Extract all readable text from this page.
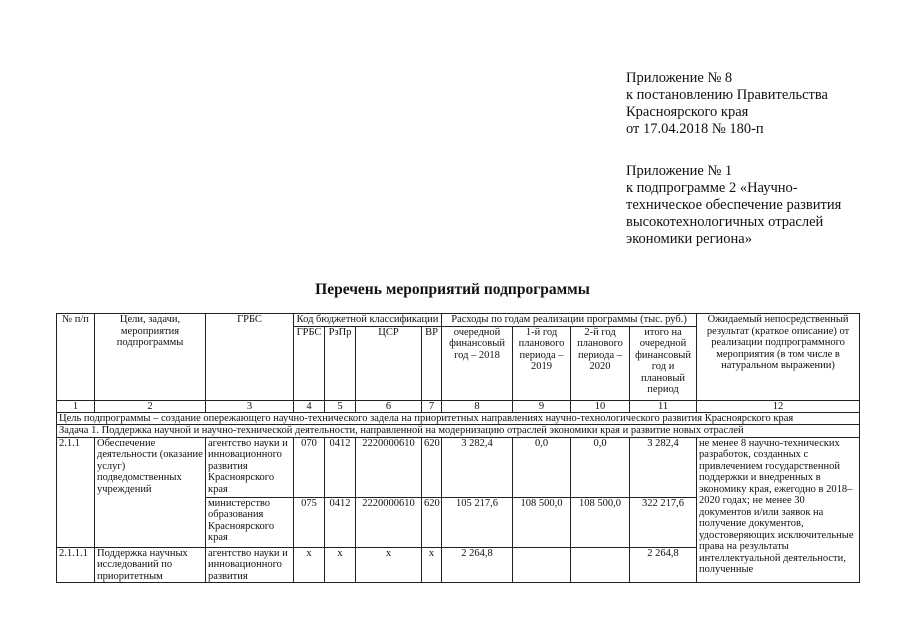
Приложение № 8
к постановлению Правительства
Красноярского края
от 17.04.2018 № 180-п
Приложение № 1
к подпрограмме 2 «Научно-
техническое обеспечение развития
высокотехнологичных отраслей
экономики региона»
Перечень мероприятий подпрограммы
№ п/п	Цели, задачи, мероприятия подпрограммы	ГРБС	Код бюджетной классификации				Расходы по годам реализации программы (тыс. руб.)				Ожидаемый непосредственный результат (краткое описание) от реализации подпрограммного мероприятия (в том числе в натуральном выражении)
			ГРБС	РзПр	ЦСР	ВР	очередной финансовый год – 2018	1-й год планового периода – 2019	2-й год планового периода – 2020	итого на очередной финансовый год и плановый период	
1	2	3	4	5	6	7	8	9	10	11	12
Цель подпрограммы – создание опережающего научно-технического задела на приоритетных направлениях научно-технологического развития Красноярского края											
Задача 1. Поддержка научной и научно-технической деятельности, направленной на модернизацию отраслей экономики края и развитие новых отраслей											
2.1.1	Обеспечение деятельности (оказание услуг) подведомственных учреждений	агентство науки и инновационного развития Красноярского края	070	0412	2220000610	620	3 282,4	0,0	0,0	3 282,4	не менее 8 научно-технических разработок, созданных с привлечением государственной поддержки и внедренных в экономику края, ежегодно в 2018–2020 годах; не менее 30 документов и/или заявок на получение документов, удостоверяющих исключительные права на результаты интеллектуальной деятельности, полученные
		министерство образования Красноярского края	075	0412	2220000610	620	105 217,6	108 500,0	108 500,0	322 217,6	
2.1.1.1	Поддержка научных исследований по приоритетным	агентство науки и инновационного развития	х	х	х	х	2 264,8			2 264,8	
